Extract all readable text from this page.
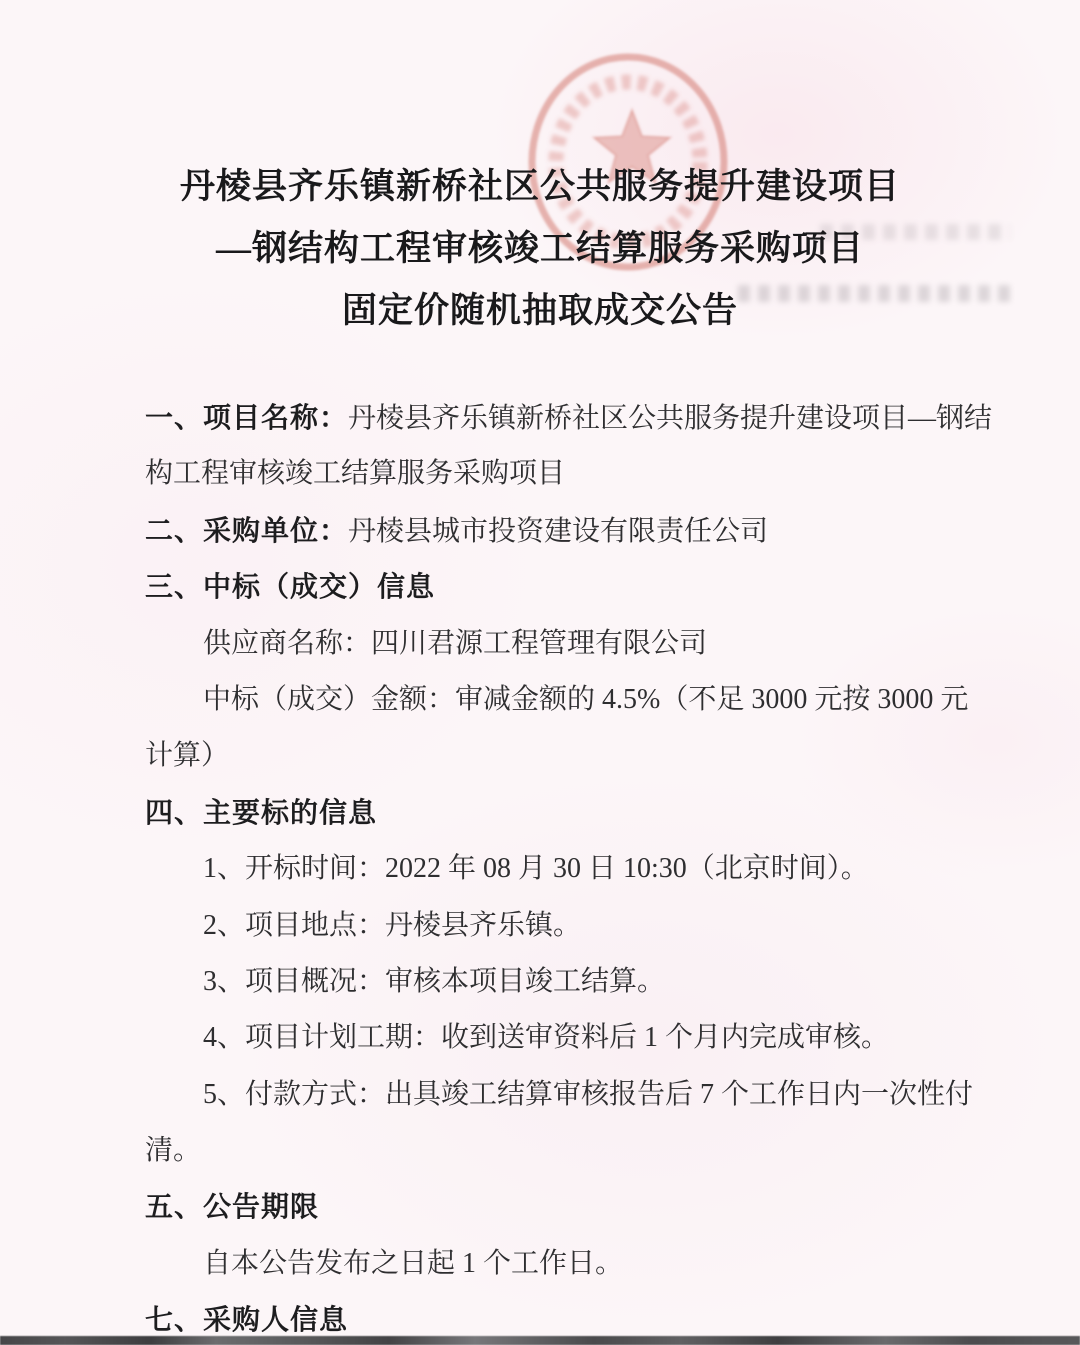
丹棱县齐乐镇新桥社区公共服务提升建设项目
—钢结构工程审核竣工结算服务采购项目
固定价随机抽取成交公告
一、项目名称：丹棱县齐乐镇新桥社区公共服务提升建设项目—钢结
构工程审核竣工结算服务采购项目
二、采购单位：丹棱县城市投资建设有限责任公司
三、中标（成交）信息
供应商名称：四川君源工程管理有限公司
中标（成交）金额：审减金额的 4.5%（不足 3000 元按 3000 元
计算）
四、主要标的信息
1、开标时间：2022 年 08 月 30 日 10:30（北京时间）。
2、项目地点：丹棱县齐乐镇。
3、项目概况：审核本项目竣工结算。
4、项目计划工期：收到送审资料后 1 个月内完成审核。
5、付款方式：出具竣工结算审核报告后 7 个工作日内一次性付
清。
五、公告期限
自本公告发布之日起 1 个工作日。
七、采购人信息
